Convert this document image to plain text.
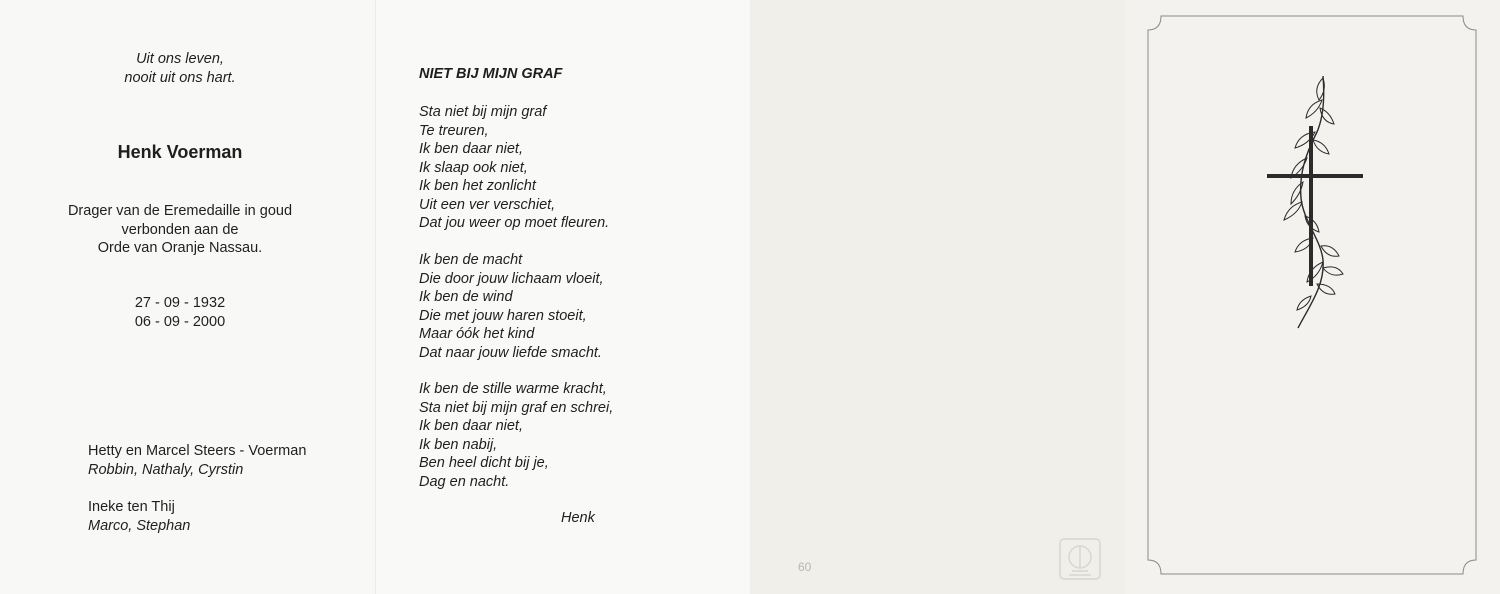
Uit ons leven,
nooit uit ons hart.
Henk Voerman
Drager van de Eremedaille in goud
verbonden aan de
Orde van Oranje Nassau.
27 - 09 - 1932
06 - 09 - 2000
Hetty en Marcel Steers - Voerman
Robbin, Nathaly, Cyrstin
Ineke ten Thij
Marco, Stephan
NIET BIJ MIJN GRAF
Sta niet bij mijn graf
Te treuren,
Ik ben daar niet,
Ik slaap ook niet,
Ik ben het zonlicht
Uit een ver verschiet,
Dat jou weer op moet fleuren.
Ik ben de macht
Die door jouw lichaam vloeit,
Ik ben de wind
Die met jouw haren stoeit,
Maar óók het kind
Dat naar jouw liefde smacht.
Ik ben de stille warme kracht,
Sta niet bij mijn graf en schrei,
Ik ben daar niet,
Ik ben nabij,
Ben heel dicht bij je,
Dag en nacht.
Henk
60
